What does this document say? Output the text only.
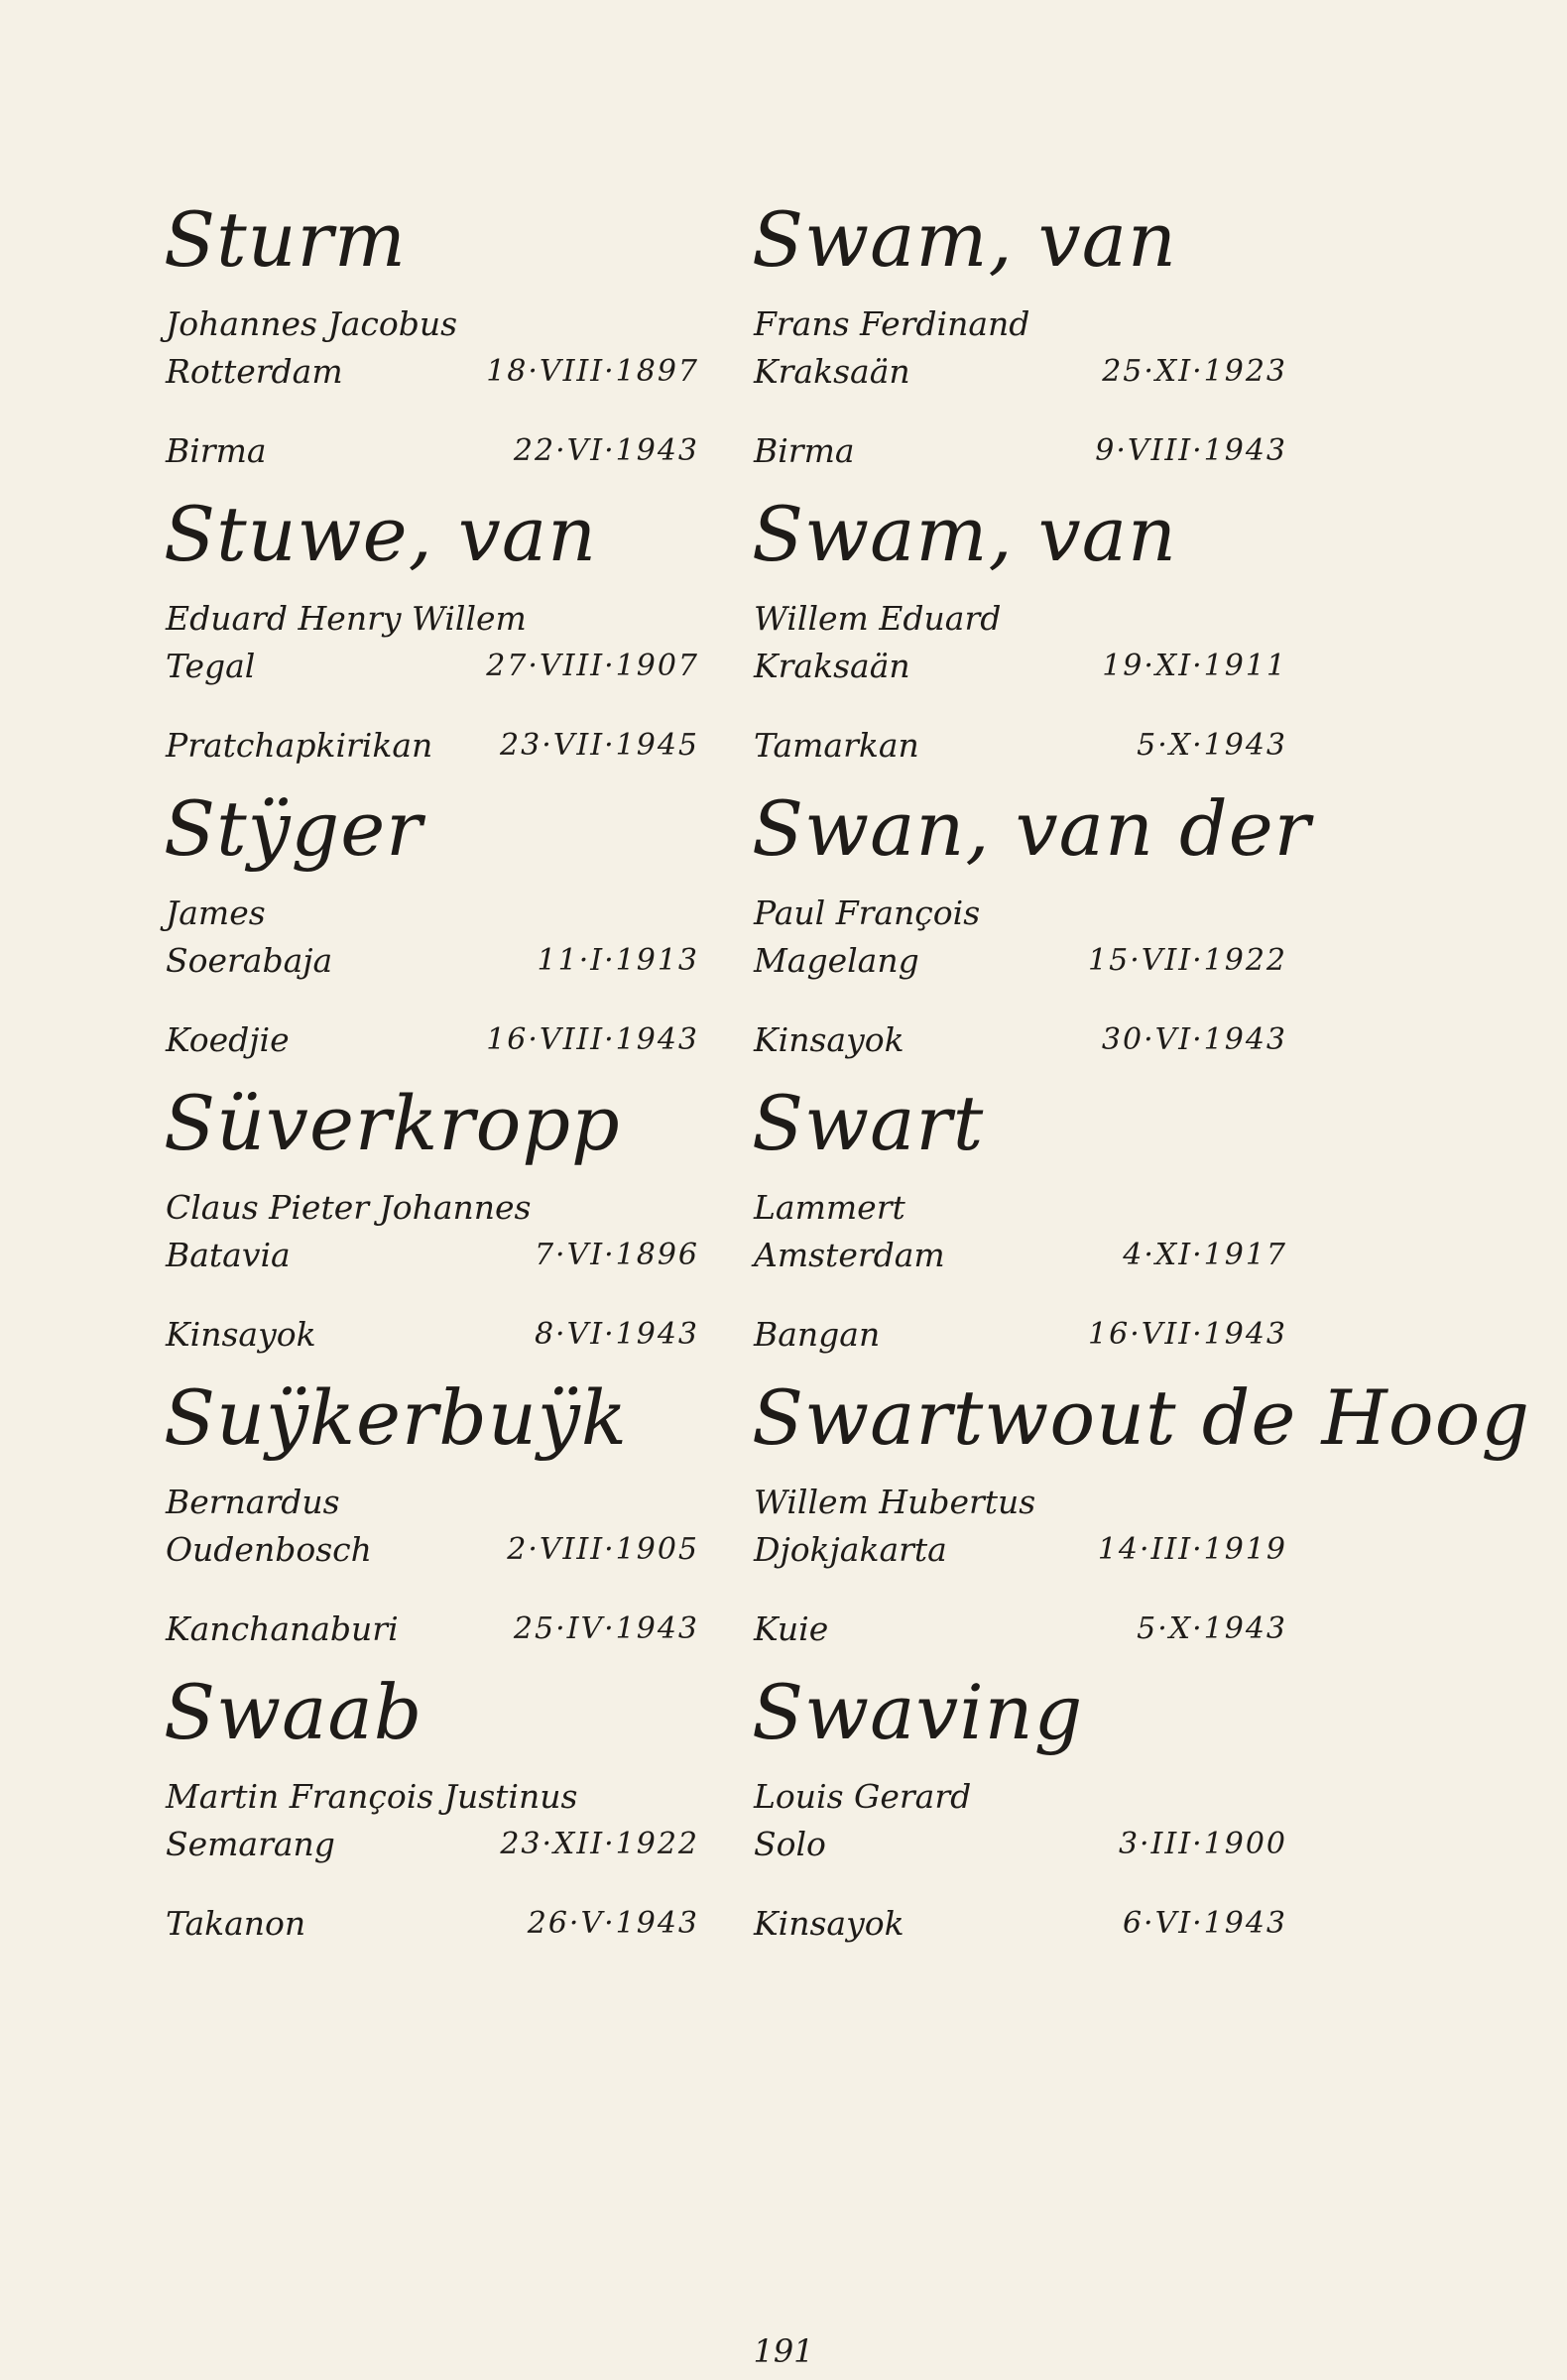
Sturm
Johannes Jacobus
Rotterdam	18·VIII·1897
Birma	22·VI·1943
Stuwe, van
Eduard Henry Willem
Tegal	27·VIII·1907
Pratchapkirikan 23·VII·1945
Stÿger
James
Soerabaja	11·I·1913
Koedjie	16·VIII·1943
Süverkropp
Claus Pieter Johannes
Batavia	7·VI·1896
Kinsayok	8·VI·1943
Suÿkerbuÿk
Bernardus
Oudenbosch	2·VIII·1905
Kanchanaburi	25·IV·1943
Swaab
Martin François Justinus
Semarang	23·XII·1922
Takanon	26·V·1943
Swam, van
Frans Ferdinand
Kraksaän	25·XI·1923
Birma	9·VIII·1943
Swam, van
Willem Eduard
Kraksaän	19·XI·1911
Tamarkan	5·X·1943
Swan, van der
Paul François
Magelang	15·VII·1922
Kinsayok	30·VI·1943
Swart
Lammert
Amsterdam	4·XI·1917
Bangan	16·VII·1943
Swartwout de Hoog
Willem Hubertus
Djokjakarta	14·III·1919
Kuie	5·X·1943
Swaving
Louis Gerard
Solo	3·III·1900
Kinsayok	6·VI·1943
191
